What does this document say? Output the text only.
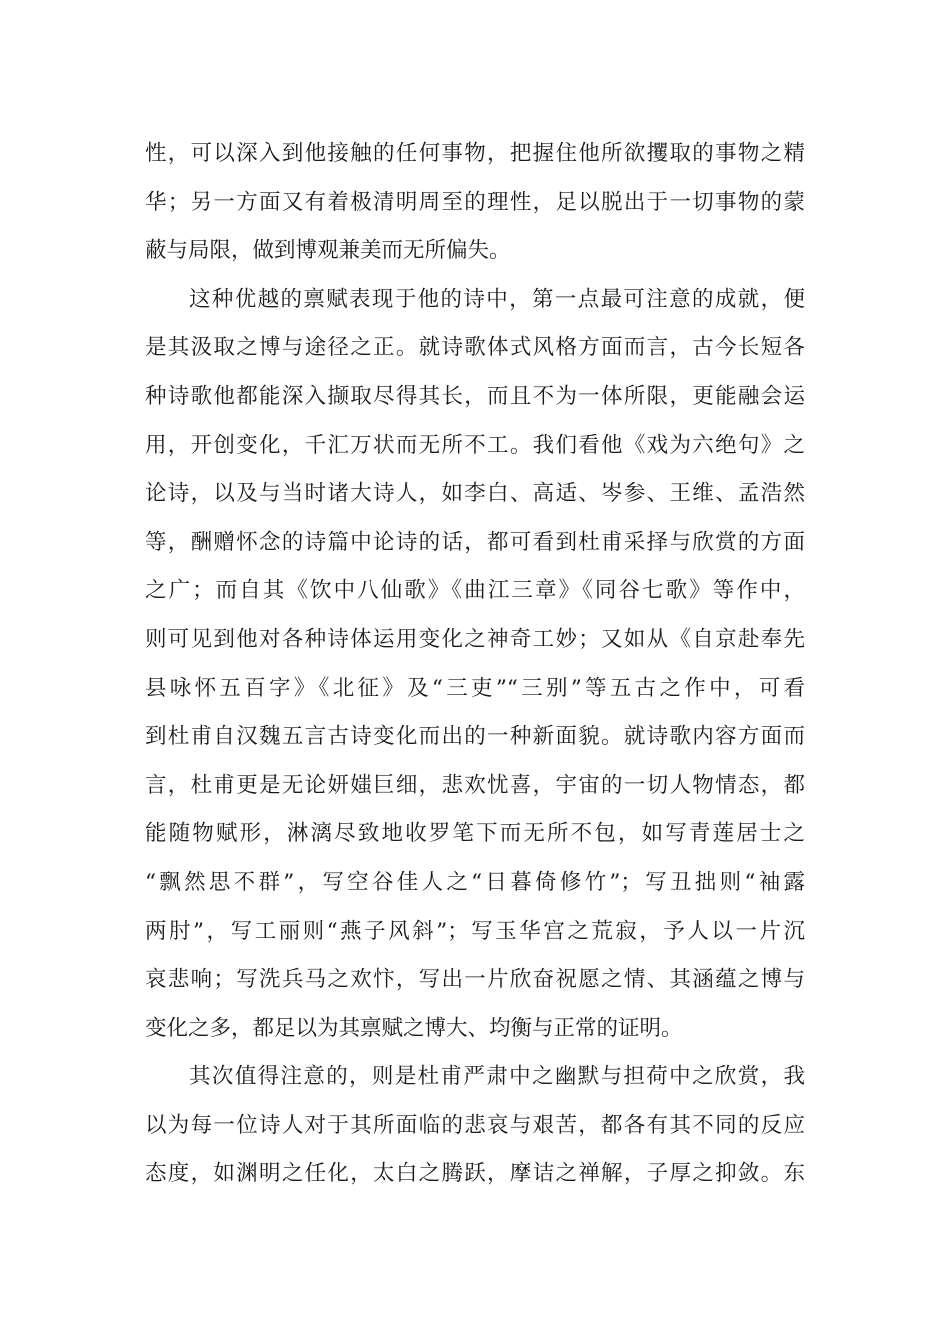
性，可以深入到他接触的任何事物，把握住他所欲攫取的事物之精
华；另一方面又有着极清明周至的理性，足以脱出于一切事物的蒙
蔽与局限，做到博观兼美而无所偏失。
这种优越的禀赋表现于他的诗中，第一点最可注意的成就，便
是其汲取之博与途径之正。就诗歌体式风格方面而言，古今长短各
种诗歌他都能深入撷取尽得其长，而且不为一体所限，更能融会运
用，开创变化，千汇万状而无所不工。我们看他《戏为六绝句》之
论诗，以及与当时诸大诗人，如李白、高适、岑参、王维、孟浩然
等，酬赠怀念的诗篇中论诗的话，都可看到杜甫采择与欣赏的方面
之广；而自其《饮中八仙歌》《曲江三章》《同谷七歌》等作中，
则可见到他对各种诗体运用变化之神奇工妙；又如从《自京赴奉先
县咏怀五百字》《北征》及“三吏”“三别”等五古之作中，可看
到杜甫自汉魏五言古诗变化而出的一种新面貌。就诗歌内容方面而
言，杜甫更是无论妍媸巨细，悲欢忧喜，宇宙的一切人物情态，都
能随物赋形，淋漓尽致地收罗笔下而无所不包，如写青莲居士之
“飘然思不群”，写空谷佳人之“日暮倚修竹”；写丑拙则“袖露
两肘”，写工丽则“燕子风斜”；写玉华宫之荒寂，予人以一片沉
哀悲响；写洗兵马之欢忭，写出一片欣奋祝愿之情、其涵蕴之博与
变化之多，都足以为其禀赋之博大、均衡与正常的证明。
其次值得注意的，则是杜甫严肃中之幽默与担荷中之欣赏，我
以为每一位诗人对于其所面临的悲哀与艰苦，都各有其不同的反应
态度，如渊明之任化，太白之腾跃，摩诘之禅解，子厚之抑敛。东
